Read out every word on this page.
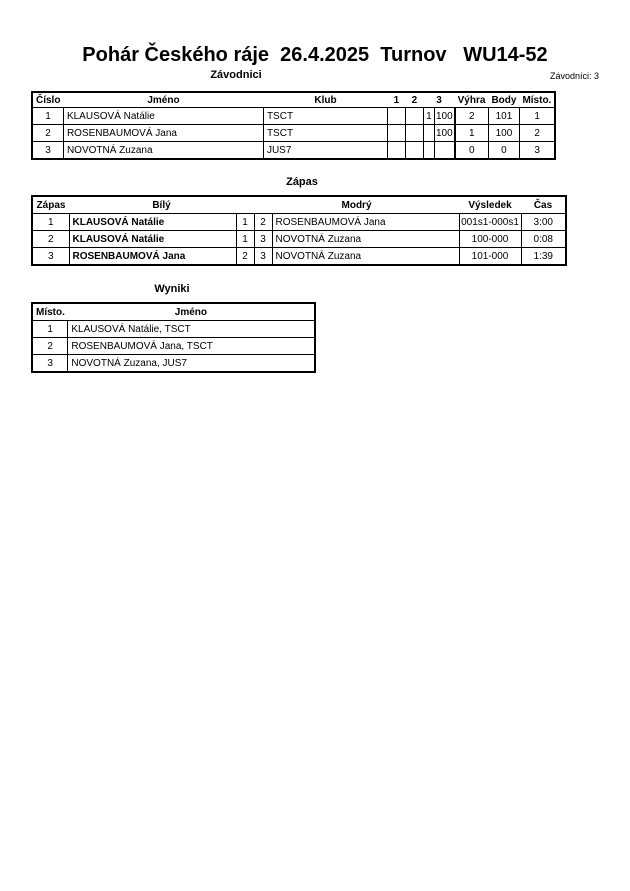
Pohár Českého ráje  26.4.2025  Turnov   WU14-52
Závodnici	Závodníci: 3
Číslo	Jméno	Klub	1	2	3		Výhra	Body	Místo.
1	KLAUSOVÁ Natálie	TSCT			1	100	2	101	1
2	ROSENBAUMOVÁ Jana	TSCT				100	1	100	2
3	NOVOTNÁ Zuzana	JUS7					0	0	3
Zápas
Zápas	Bílý		Modrý		Výsledek	Čas
1	KLAUSOVÁ Natálie	1	2	ROSENBAUMOVÁ Jana	001s1-000s1	3:00
2	KLAUSOVÁ Natálie	1	3	NOVOTNÁ Zuzana	100-000	0:08
3	ROSENBAUMOVÁ Jana	2	3	NOVOTNÁ Zuzana	101-000	1:39
Wyniki
Místo.	Jméno
1	KLAUSOVÁ Natálie, TSCT
2	ROSENBAUMOVÁ Jana, TSCT
3	NOVOTNÁ Zuzana, JUS7
